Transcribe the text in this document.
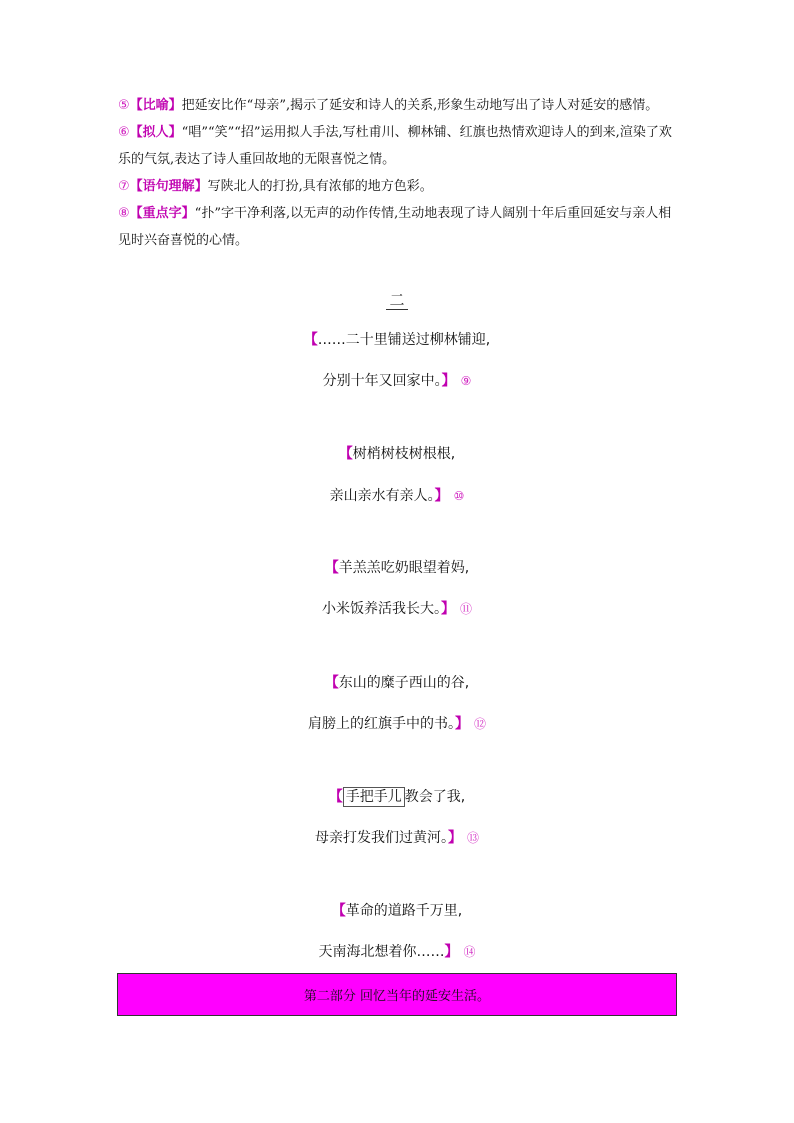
⑤【比喻】把延安比作“母亲”,揭示了延安和诗人的关系,形象生动地写出了诗人对延安的感情。

⑥【拟人】“唱”“笑”“招”运用拟人手法,写杜甫川、柳林铺、红旗也热情欢迎诗人的到来,渲染了欢乐的气氛,表达了诗人重回故地的无限喜悦之情。

⑦【语句理解】写陕北人的打扮,具有浓郁的地方色彩。

⑧【重点字】“扑”字干净利落,以无声的动作传情,生动地表现了诗人阔别十年后重回延安与亲人相见时兴奋喜悦的心情。

二
【……二十里铺送过柳林铺迎,
分别十年又回家中。】 ⑨
【树梢树枝树根根,
亲山亲水有亲人。】 ⑩
【羊羔羔吃奶眼望着妈,
小米饭养活我长大。】 ⑪
【东山的糜子西山的谷,
肩膀上的红旗手中的书。】 ⑫
【 手把手儿 教会了我,
母亲打发我们过黄河。】 ⑬
【革命的道路千万里,
天南海北想着你……】 ⑭
第二部分 回忆当年的延安生活。
